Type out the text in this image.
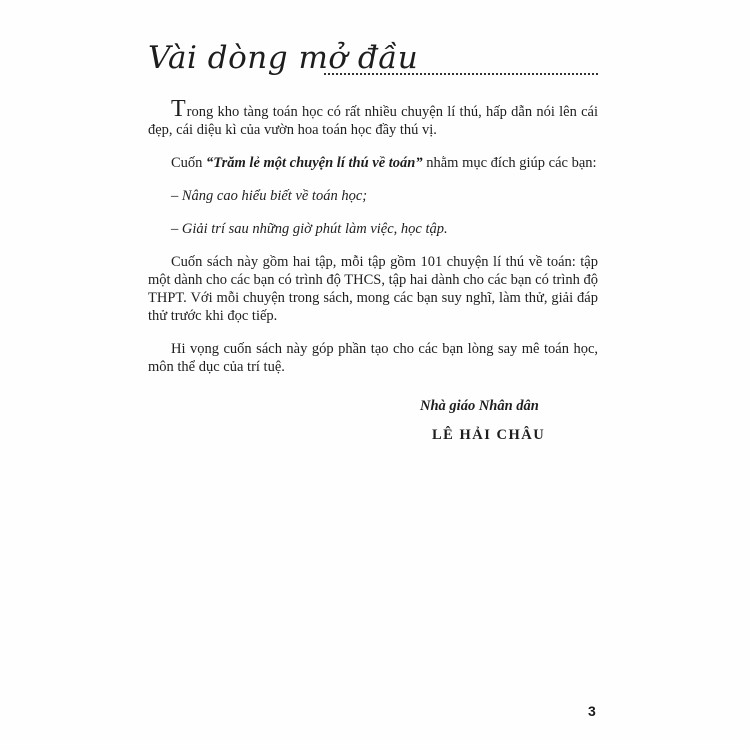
Vài dòng mở đầu

Trong kho tàng toán học có rất nhiều chuyện lí thú, hấp dẫn nói lên cái đẹp, cái diệu kì của vườn hoa toán học đầy thú vị.

Cuốn “Trăm lẻ một chuyện lí thú về toán” nhằm mục đích giúp các bạn:

– Nâng cao hiểu biết về toán học;

– Giải trí sau những giờ phút làm việc, học tập.

Cuốn sách này gồm hai tập, mỗi tập gồm 101 chuyện lí thú về toán: tập một dành cho các bạn có trình độ THCS, tập hai dành cho các bạn có trình độ THPT. Với mỗi chuyện trong sách, mong các bạn suy nghĩ, làm thử, giải đáp thử trước khi đọc tiếp.

Hi vọng cuốn sách này góp phần tạo cho các bạn lòng say mê toán học, môn thể dục của trí tuệ.

Nhà giáo Nhân dân
LÊ HẢI CHÂU
3
